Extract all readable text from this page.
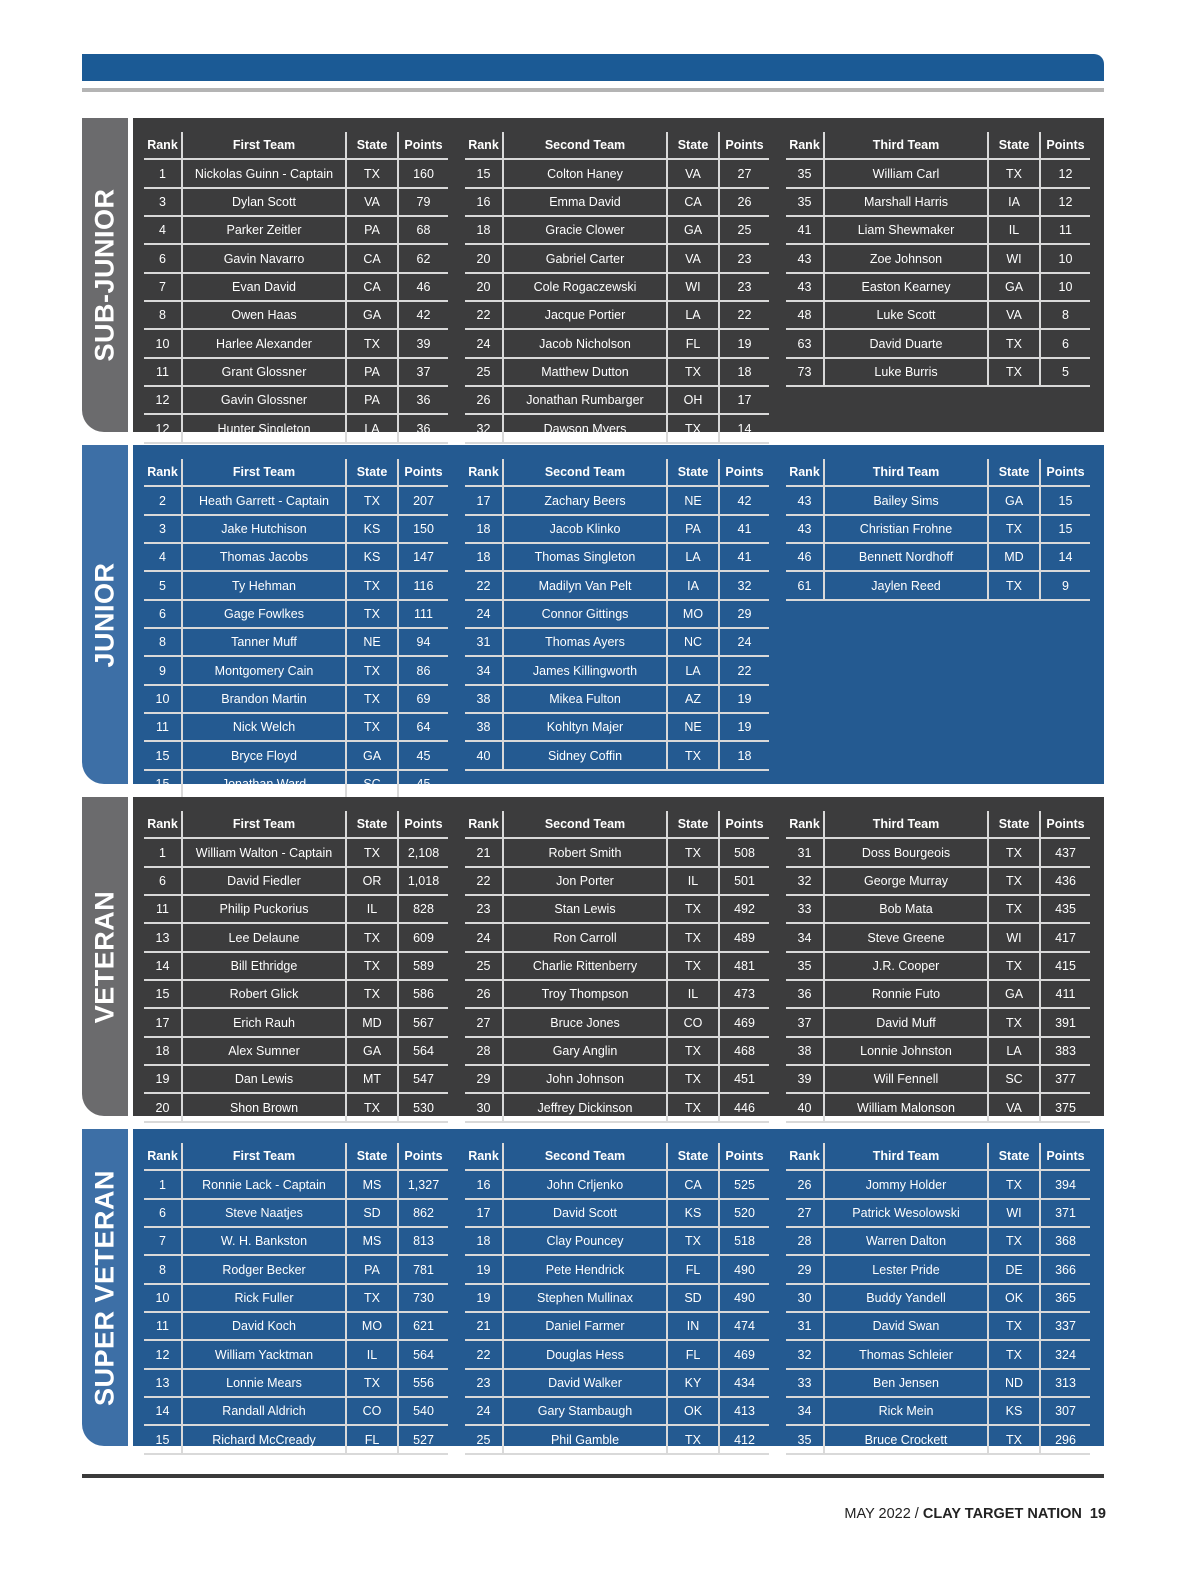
SUB-JUNIOR
Rank	First Team	State	Points
1	Nickolas Guinn - Captain	TX	160
3	Dylan Scott	VA	79
4	Parker Zeitler	PA	68
6	Gavin Navarro	CA	62
7	Evan David	CA	46
8	Owen Haas	GA	42
10	Harlee Alexander	TX	39
11	Grant Glossner	PA	37
12	Gavin Glossner	PA	36
12	Hunter Singleton	LA	36
Rank	Second Team	State	Points
15	Colton Haney	VA	27
16	Emma David	CA	26
18	Gracie Clower	GA	25
20	Gabriel Carter	VA	23
20	Cole Rogaczewski	WI	23
22	Jacque Portier	LA	22
24	Jacob Nicholson	FL	19
25	Matthew Dutton	TX	18
26	Jonathan Rumbarger	OH	17
32	Dawson Myers	TX	14
Rank	Third Team	State	Points
35	William Carl	TX	12
35	Marshall Harris	IA	12
41	Liam Shewmaker	IL	11
43	Zoe Johnson	WI	10
43	Easton Kearney	GA	10
48	Luke Scott	VA	8
63	David Duarte	TX	6
73	Luke Burris	TX	5
JUNIOR
Rank	First Team	State	Points
2	Heath Garrett - Captain	TX	207
3	Jake Hutchison	KS	150
4	Thomas Jacobs	KS	147
5	Ty Hehman	TX	116
6	Gage Fowlkes	TX	111
8	Tanner Muff	NE	94
9	Montgomery Cain	TX	86
10	Brandon Martin	TX	69
11	Nick Welch	TX	64
15	Bryce Floyd	GA	45
15	Jonathan Ward	SC	45
Rank	Second Team	State	Points
17	Zachary Beers	NE	42
18	Jacob Klinko	PA	41
18	Thomas Singleton	LA	41
22	Madilyn Van Pelt	IA	32
24	Connor Gittings	MO	29
31	Thomas Ayers	NC	24
34	James Killingworth	LA	22
38	Mikea Fulton	AZ	19
38	Kohltyn Majer	NE	19
40	Sidney Coffin	TX	18
Rank	Third Team	State	Points
43	Bailey Sims	GA	15
43	Christian Frohne	TX	15
46	Bennett Nordhoff	MD	14
61	Jaylen Reed	TX	9
VETERAN
Rank	First Team	State	Points
1	William Walton - Captain	TX	2,108
6	David Fiedler	OR	1,018
11	Philip Puckorius	IL	828
13	Lee Delaune	TX	609
14	Bill Ethridge	TX	589
15	Robert Glick	TX	586
17	Erich Rauh	MD	567
18	Alex Sumner	GA	564
19	Dan Lewis	MT	547
20	Shon Brown	TX	530
Rank	Second Team	State	Points
21	Robert Smith	TX	508
22	Jon Porter	IL	501
23	Stan Lewis	TX	492
24	Ron Carroll	TX	489
25	Charlie Rittenberry	TX	481
26	Troy Thompson	IL	473
27	Bruce Jones	CO	469
28	Gary Anglin	TX	468
29	John Johnson	TX	451
30	Jeffrey Dickinson	TX	446
Rank	Third Team	State	Points
31	Doss Bourgeois	TX	437
32	George Murray	TX	436
33	Bob Mata	TX	435
34	Steve Greene	WI	417
35	J.R. Cooper	TX	415
36	Ronnie Futo	GA	411
37	David Muff	TX	391
38	Lonnie Johnston	LA	383
39	Will Fennell	SC	377
40	William Malonson	VA	375
SUPER VETERAN
Rank	First Team	State	Points
1	Ronnie Lack - Captain	MS	1,327
6	Steve Naatjes	SD	862
7	W. H. Bankston	MS	813
8	Rodger Becker	PA	781
10	Rick Fuller	TX	730
11	David Koch	MO	621
12	William Yacktman	IL	564
13	Lonnie Mears	TX	556
14	Randall Aldrich	CO	540
15	Richard McCready	FL	527
Rank	Second Team	State	Points
16	John Crljenko	CA	525
17	David Scott	KS	520
18	Clay Pouncey	TX	518
19	Pete Hendrick	FL	490
19	Stephen Mullinax	SD	490
21	Daniel Farmer	IN	474
22	Douglas Hess	FL	469
23	David Walker	KY	434
24	Gary Stambaugh	OK	413
25	Phil Gamble	TX	412
Rank	Third Team	State	Points
26	Jommy Holder	TX	394
27	Patrick Wesolowski	WI	371
28	Warren Dalton	TX	368
29	Lester Pride	DE	366
30	Buddy Yandell	OK	365
31	David Swan	TX	337
32	Thomas Schleier	TX	324
33	Ben Jensen	ND	313
34	Rick Mein	KS	307
35	Bruce Crockett	TX	296
MAY 2022 / CLAY TARGET NATION 19
